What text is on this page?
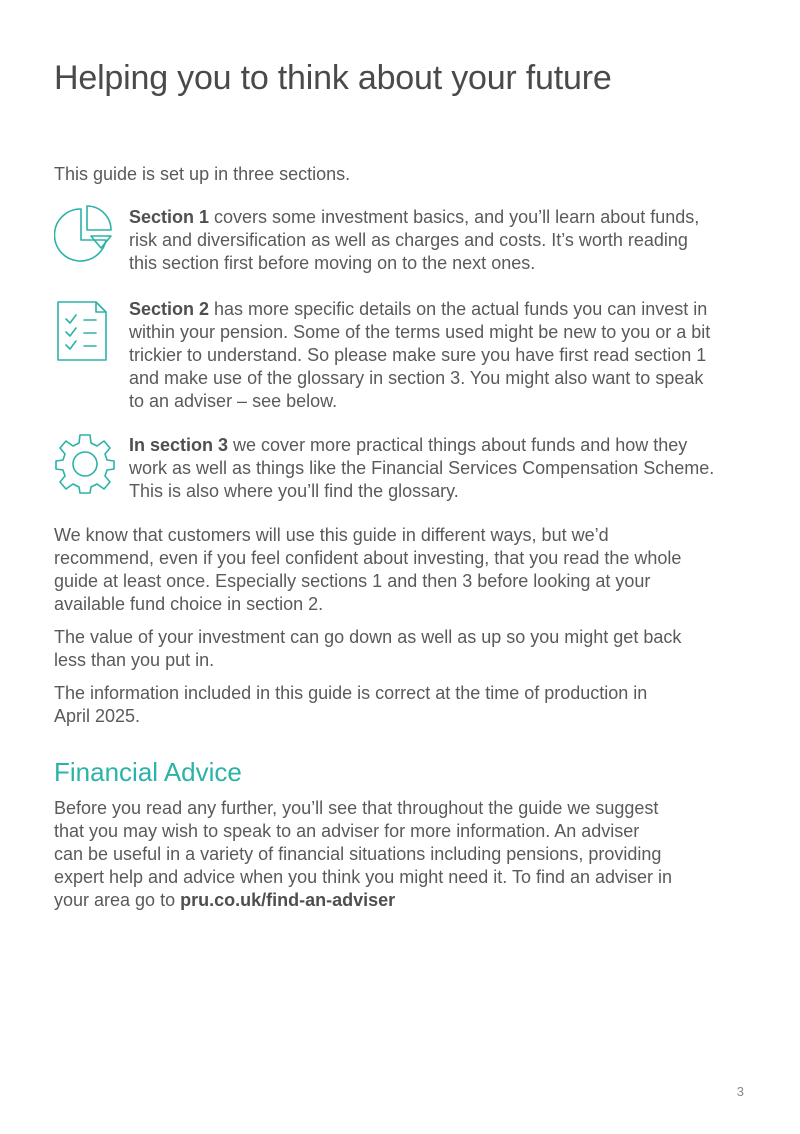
Helping you to think about your future

This guide is set up in three sections.

Section 1 covers some investment basics, and you’ll learn about funds,
risk and diversification as well as charges and costs. It’s worth reading
this section first before moving on to the next ones.

Section 2 has more specific details on the actual funds you can invest in
within your pension. Some of the terms used might be new to you or a bit
trickier to understand. So please make sure you have first read section 1
and make use of the glossary in section 3. You might also want to speak
to an adviser – see below.

In section 3 we cover more practical things about funds and how they
work as well as things like the Financial Services Compensation Scheme.
This is also where you’ll find the glossary.

We know that customers will use this guide in different ways, but we’d
recommend, even if you feel confident about investing, that you read the whole
guide at least once. Especially sections 1 and then 3 before looking at your
available fund choice in section 2.

The value of your investment can go down as well as up so you might get back
less than you put in.

The information included in this guide is correct at the time of production in
April 2025.

Financial Advice

Before you read any further, you’ll see that throughout the guide we suggest
that you may wish to speak to an adviser for more information. An adviser
can be useful in a variety of financial situations including pensions, providing
expert help and advice when you think you might need it. To find an adviser in
your area go to pru.co.uk/find-an-adviser

3
